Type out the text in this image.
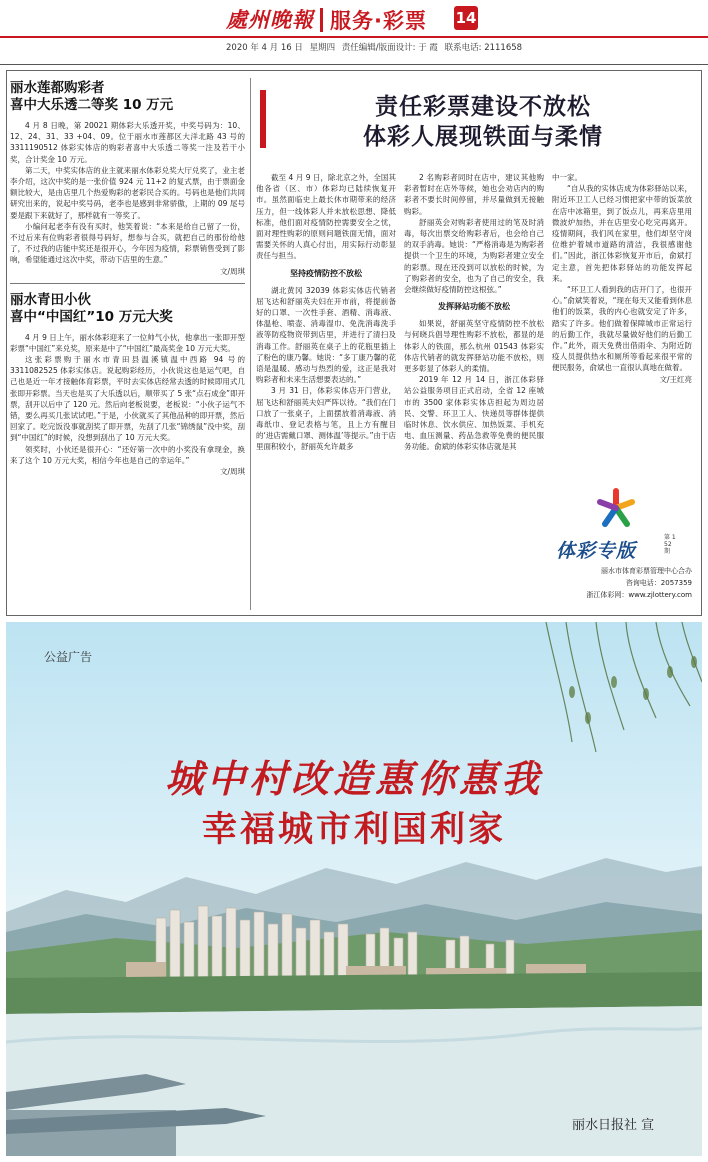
處州晚報 服务·彩票 14
2020 年 4 月 16 日 星期四 责任编辑/版面设计: 于 霞 联系电话: 2111658
丽水莲都购彩者
喜中大乐透二等奖 10 万元

4 月 8 日晚，第 20021 期体彩大乐透开奖，中奖号码为：10、12、24、31、33 +04、09。位于丽水市莲都区大洋北路 43 号的 3311190512 体彩实体店的购彩者喜中大乐透二等奖一注及若干小奖，合计奖金 10 万元。

第二天，中奖实体店的业主就来丽水体彩兑奖大厅兑奖了，业主老李介绍，这次中奖的是一张价值 924 元 11+2 的复式票，由于票面金额比较大，是由店里几个热爱购彩的老彩民合买的。号码也是他们共同研究出来的，说起中奖号码，老李也是感到非常骄傲，上期的 09 尾号要是跟下来就好了，那样就有一等奖了。

小编问起老李有没有买时，他笑着说：“本来是给自己留了一份，不过后来有位购彩者很得号码好，想参与合买，就把自己的那份给他了，不过我的店能中奖还是很开心，今年因为疫情，彩票销售受到了影响，希望能通过这次中奖，带动下店里的生意。”

文/周琪
丽水青田小伙
喜中“中国红”10 万元大奖

4 月 9 日上午，丽水体彩迎来了一位帅气小伙，他拿出一张即开型彩票“中国红”来兑奖，原来是中了“中国红”最高奖金 10 万元大奖。

这张彩票购于丽水市青田县温溪镇温中西路 94 号的 3311082525 体彩实体店。说起购彩经历，小伙说这也是运气吧，自己也是近一年才接触体育彩票，平时去实体店经常去透的时候即用式几张即开彩票。当天也是买了大乐透以后，顺带买了 5 张“点石成金”即开票，刮开以后中了 120 元。然后向老板说要，老板说：“小伙子运气不错，要么再买几张试试吧。”于是，小伙就买了其他品种的即开票，然后回家了。吃完饭没事就刮奖了即开票，先刮了几张“锦绣鼠”没中奖，刮到“中国红”的时候，没想到刮出了 10 万元大奖。

领奖时，小伙还是很开心：“还好第一次中的小奖没有拿现金，换来了这个 10 万元大奖，相信今年也是自己的幸运年。”

文/周琪
责任彩票建设不放松
体彩人展现铁面与柔情

截至 4 月 9 日，除北京之外，全国其他各省（区、市）体彩均已陆续恢复开市。虽然面临史上最长休市期带来的经济压力，但一线体彩人并未放松思想、降低标准，他们面对疫情防控需要安全之忧，面对理性购彩的原则问题铁面无情，面对需要关怀的人真心付出，用实际行动彰显责任与担当。

坚持疫情防控不放松

湖北黄冈 32039 体彩实体店代销者屈飞达和舒丽英夫妇在开市前，将提前备好的口罩、一次性手套、酒精、消毒液、体温枪、喷壶、消毒湿巾、免洗消毒洗手液等防疫物资带到店里，并进行了清扫及消毒工作。舒丽英在桌子上的花瓶里插上了粉色的康乃馨。她说：“多丁康乃馨的花语是温暖、感动与热烈的爱，这正是我对购彩者和未来生活想要表达的。”

3 月 31 日，体彩实体店开门营业，屈飞达和舒丽英夫妇严阵以待。“我们在门口放了一张桌子，上面摆放着消毒液、消毒纸巾、登记表格与笔，且上方有醒目的‘进店需戴口罩、测体温’等提示。”由于店里面积较小，舒丽英允许最多

2 名购彩者同时在店中，建议其他购彩者暂时在店外等候，她也会劝店内的购彩者不要长时间停留，并尽量做到无接触购彩。

舒丽英会对购彩者使用过的笔及时消毒，每次出票交给购彩者后，也会给自己的双手消毒。她说：“严格消毒是为购彩者提供一个卫生的环境，为购彩者建立安全的彩票。现在还没到可以放松的时候，为了购彩者的安全，也为了自己的安全，我会继续做好疫情防控这根弦。”

发挥驿站功能不放松

如果说，舒丽英坚守疫情防控不放松与何晓兵倡导理性购彩不放松，都显的是体彩人的铁面，那么杭州 01543 体彩实体店代销者的就发挥驿站功能不放松，则更多彰显了体彩人的柔情。

2019 年 12 月 14 日，浙江体彩驿站公益服务项目正式启动，全省 12 座城市的 3500 家体彩实体店担起为周边居民、交警、环卫工人、快递员等群体提供临时休息、饮水供应、加热饭菜、手机充电、血压测量、药品急救等免费的便民服务功能。俞斌的体彩实体店就是其

中一家。

“自从我的实体店成为体彩驿站以来，附近环卫工人已经习惯把家中带的饭菜放在店中冰箱里，到了饭点儿，再来店里用微波炉加热，并在店里安心吃完再离开。疫情期间，我们风在家里，他们却坚守岗位维护着城市道路的清洁，我很感谢他们。”因此，浙江体彩恢复开市后，俞斌打定主意，首先把体彩驿站的功能发挥起来。

“环卫工人看到我的店开门了，也很开心。”俞斌笑着说，“现在每天又能看到休息他们的饭菜，我的内心也就安定了许多，踏实了许多。他们做着保障城市正常运行的后勤工作，我就尽量做好他们的后勤工作。”此外，雨天免费出借雨伞、为附近防疫人员提供热水和厕所等看起来很平常的便民服务，俞斌也一直很认真地在做着。

文/王红亮
体彩专版
第 152 期
丽水市体育彩票管理中心合办
咨询电话：2057359
浙江体彩网：www.zjlottery.com
公益广告
城中村改造惠你惠我
幸福城市利国利家
丽水日报社 宣
